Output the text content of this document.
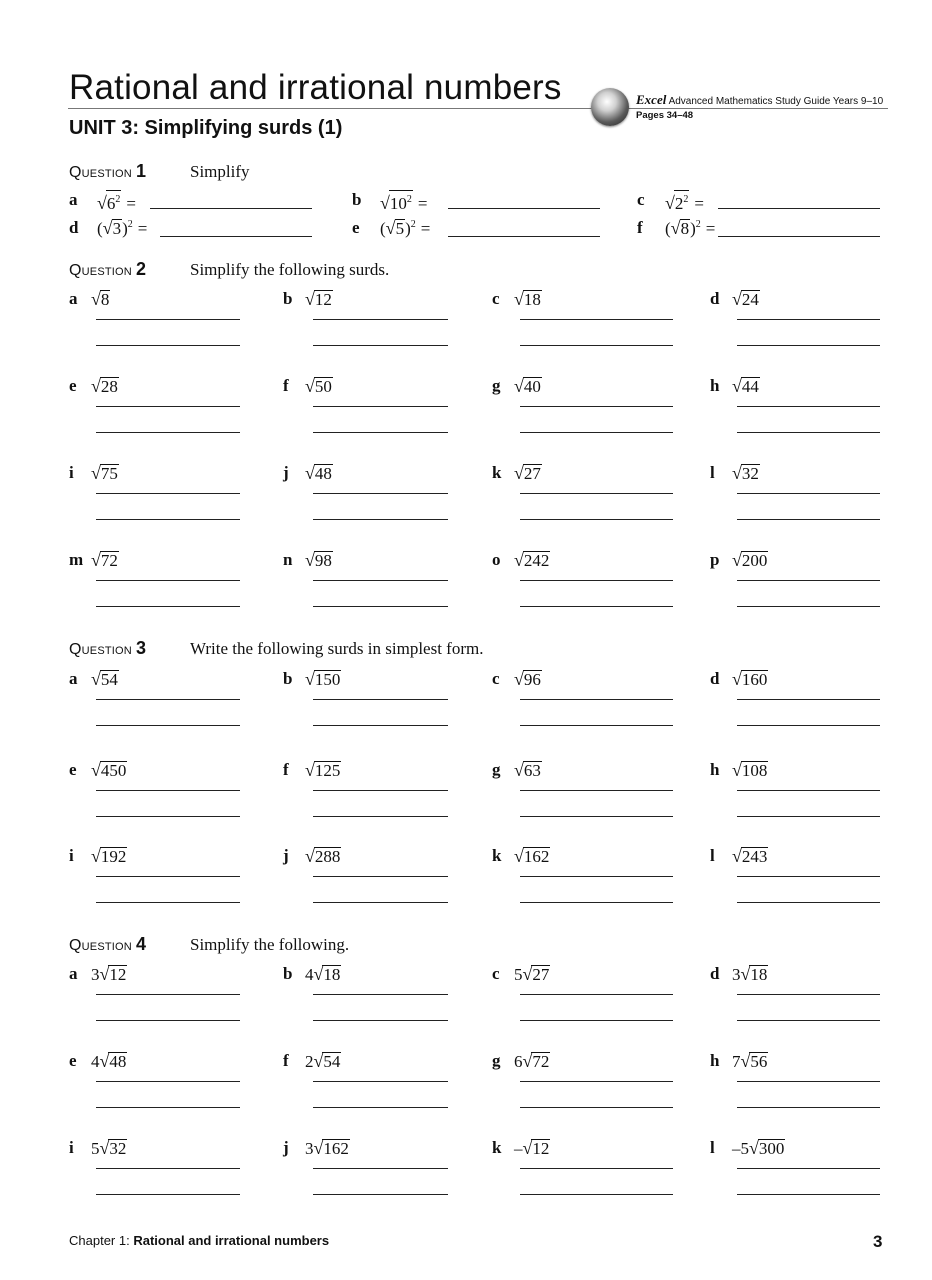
Rational and irrational numbers
UNIT 3: Simplifying surds (1)
Excel Advanced Mathematics Study Guide Years 9–10
Pages 34–48
Question 1	Simplify
Question 2	Simplify the following surds.
Question 3	Write the following surds in simplest form.
Question 4	Simplify the following.
a $√6^2$ =	b $√10^2$ =	c $√2^2$ =
d $(√3)^2$ =	e $(√5)^2$ =	f $(√8)^2$ =
a √8	b √12	c √18	d √24
e √28	f √50	g √40	h √44
i √75	j √48	k √27	l √32
m √72	n √98	o √242	p √200
a √54	b √150	c √96	d √160
e √450	f √125	g √63	h √108
i √192	j √288	k √162	l √243
a 3√12	b 4√18	c 5√27	d 3√18
e 4√48	f 2√54	g 6√72	h 7√56
i 5√32	j 3√162	k –√12	l –5√300
Chapter 1: Rational and irrational numbers	3
